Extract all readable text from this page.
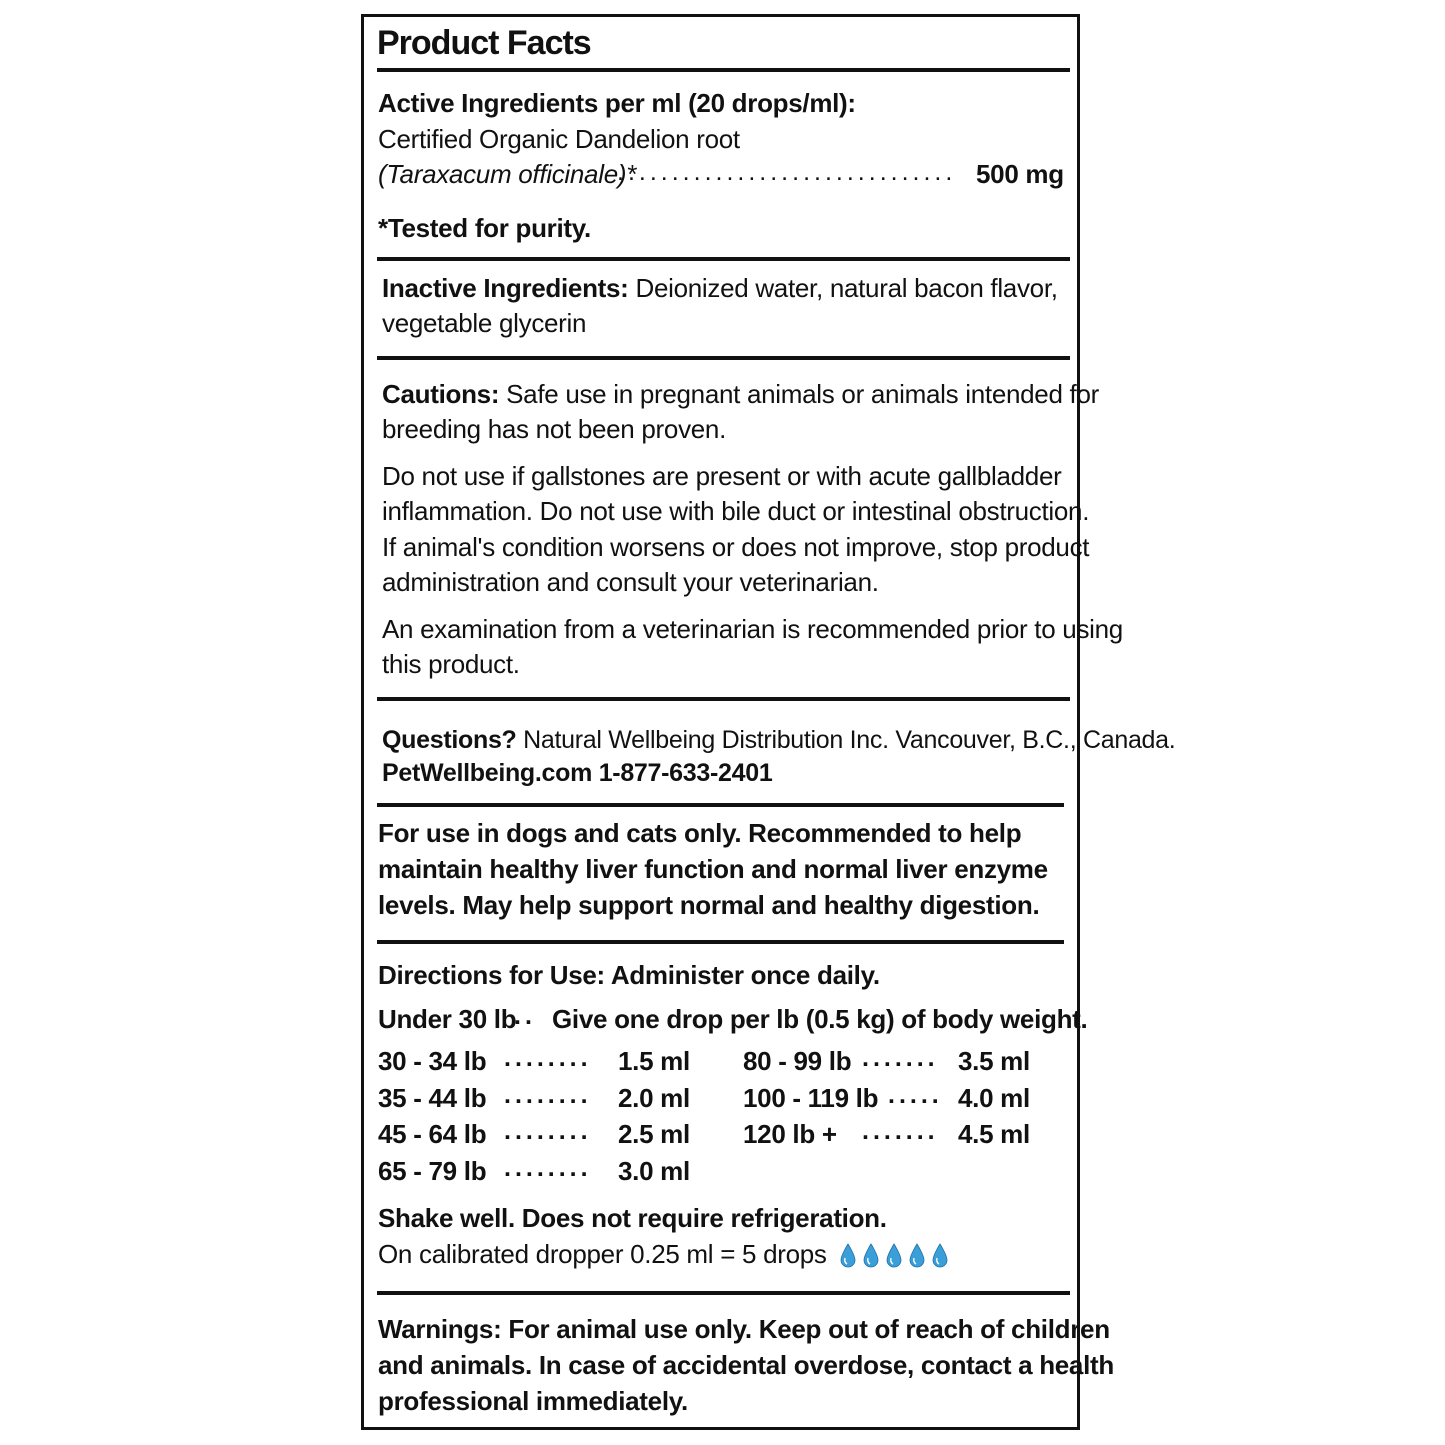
Product Facts
Active Ingredients per ml (20 drops/ml):
Certified Organic Dandelion root
(Taraxacum officinale)*
............................... 500 mg
*Tested for purity.
Inactive Ingredients: Deionized water, natural bacon flavor,
vegetable glycerin
Cautions: Safe use in pregnant animals or animals intended for
breeding has not been proven.
Do not use if gallstones are present or with acute gallbladder
inflammation. Do not use with bile duct or intestinal obstruction.
If animal's condition worsens or does not improve, stop product
administration and consult your veterinarian.
An examination from a veterinarian is recommended prior to using
this product.
Questions? Natural Wellbeing Distribution Inc. Vancouver, B.C., Canada.
PetWellbeing.com 1-877-633-2401
For use in dogs and cats only. Recommended to help
maintain healthy liver function and normal liver enzyme
levels. May help support normal and healthy digestion.
Directions for Use: Administer once daily.
Under 30 lb
.. Give one drop per lb (0.5 kg) of body weight.
30 - 34 lb ........ 1.5 ml
35 - 44 lb ........ 2.0 ml
45 - 64 lb ........ 2.5 ml
65 - 79 lb ........ 3.0 ml
80 - 99 lb ....... 3.5 ml
100 - 119 lb ..... 4.0 ml
120 lb + ....... 4.5 ml
Shake well. Does not require refrigeration.
On calibrated dropper 0.25 ml = 5 drops
Warnings: For animal use only. Keep out of reach of children
and animals. In case of accidental overdose, contact a health
professional immediately.
